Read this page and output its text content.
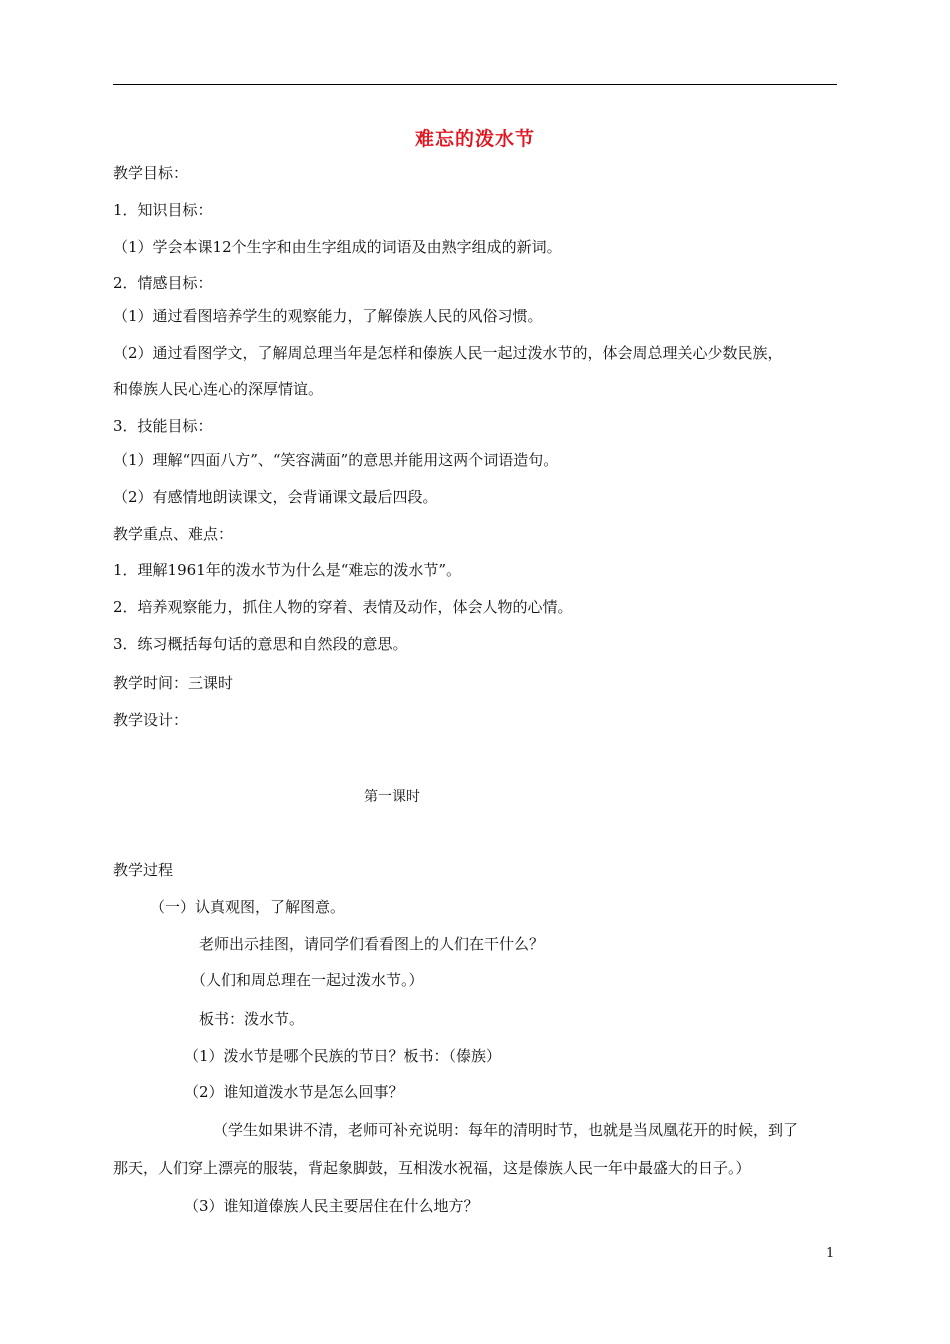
难忘的泼水节
教学目标：
1．知识目标：
（1）学会本课12个生字和由生字组成的词语及由熟字组成的新词。
2．情感目标：
（1）通过看图培养学生的观察能力，了解傣族人民的风俗习惯。
（2）通过看图学文，了解周总理当年是怎样和傣族人民一起过泼水节的，体会周总理关心少数民族，
和傣族人民心连心的深厚情谊。
3．技能目标：
（1）理解“四面八方”、“笑容满面”的意思并能用这两个词语造句。
（2）有感情地朗读课文，会背诵课文最后四段。
教学重点、难点：
1．理解1961年的泼水节为什么是“难忘的泼水节”。
2．培养观察能力，抓住人物的穿着、表情及动作，体会人物的心情。
3．练习概括每句话的意思和自然段的意思。
教学时间：三课时
教学设计：
第一课时
教学过程
（一）认真观图，了解图意。
老师出示挂图，请同学们看看图上的人们在干什么？
（人们和周总理在一起过泼水节。）
板书：泼水节。
（1）泼水节是哪个民族的节日？板书：（傣族）
（2）谁知道泼水节是怎么回事？
（学生如果讲不清，老师可补充说明：每年的清明时节，也就是当凤凰花开的时候，到了
那天，人们穿上漂亮的服装，背起象脚鼓，互相泼水祝福，这是傣族人民一年中最盛大的日子。）
（3）谁知道傣族人民主要居住在什么地方？
1
